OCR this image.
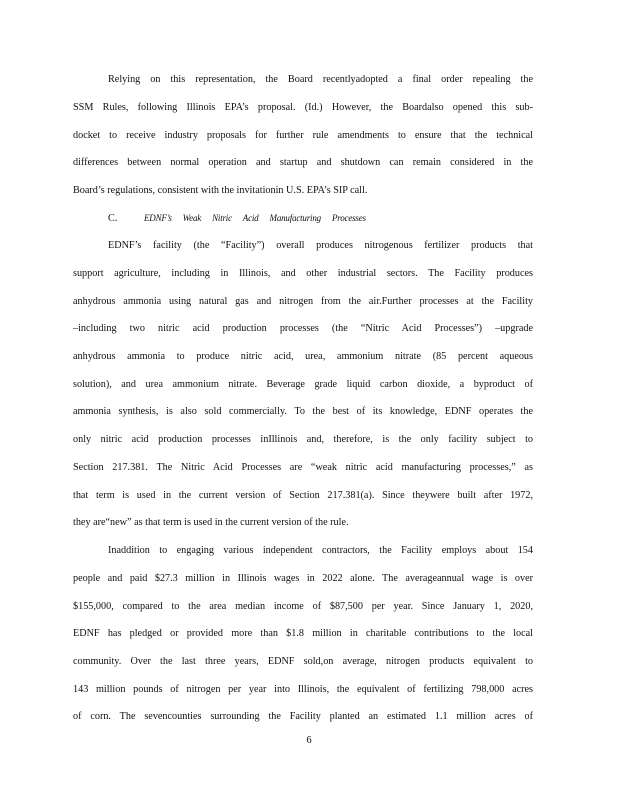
Relying on this representation, the Board recentlyadopted a final order repealing the
SSM Rules, following Illinois EPA’s proposal. (Id.) However, the Boardalso opened this sub-
docket to receive industry proposals for further rule amendments to ensure that the technical
differences between normal operation and startup and shutdown can remain considered in the
Board’s regulations, consistent with the invitationin U.S. EPA’s SIP call.
C.	EDNF’s Weak Nitric Acid Manufacturing Processes
EDNF’s facility (the “Facility”) overall produces nitrogenous fertilizer products that
support agriculture, including in Illinois, and other industrial sectors. The Facility produces
anhydrous ammonia using natural gas and nitrogen from the air.Further processes at the Facility
–including two nitric acid production processes (the “Nitric Acid Processes”) –upgrade
anhydrous ammonia to produce nitric acid, urea, ammonium nitrate (85 percent aqueous
solution), and urea ammonium nitrate. Beverage grade liquid carbon dioxide, a byproduct of
ammonia synthesis, is also sold commercially. To the best of its knowledge, EDNF operates the
only nitric acid production processes inIllinois and, therefore, is the only facility subject to
Section 217.381. The Nitric Acid Processes are “weak nitric acid manufacturing processes,” as
that term is used in the current version of Section 217.381(a). Since theywere built after 1972,
they are“new” as that term is used in the current version of the rule.
Inaddition to engaging various independent contractors, the Facility employs about 154
people and paid $27.3 million in Illinois wages in 2022 alone. The averageannual wage is over
$155,000, compared to the area median income of $87,500 per year. Since January 1, 2020,
EDNF has pledged or provided more than $1.8 million in charitable contributions to the local
community. Over the last three years, EDNF sold,on average, nitrogen products equivalent to
143 million pounds of nitrogen per year into Illinois, the equivalent of fertilizing 798,000 acres
of corn. The sevencounties surrounding the Facility planted an estimated 1.1 million acres of
6
